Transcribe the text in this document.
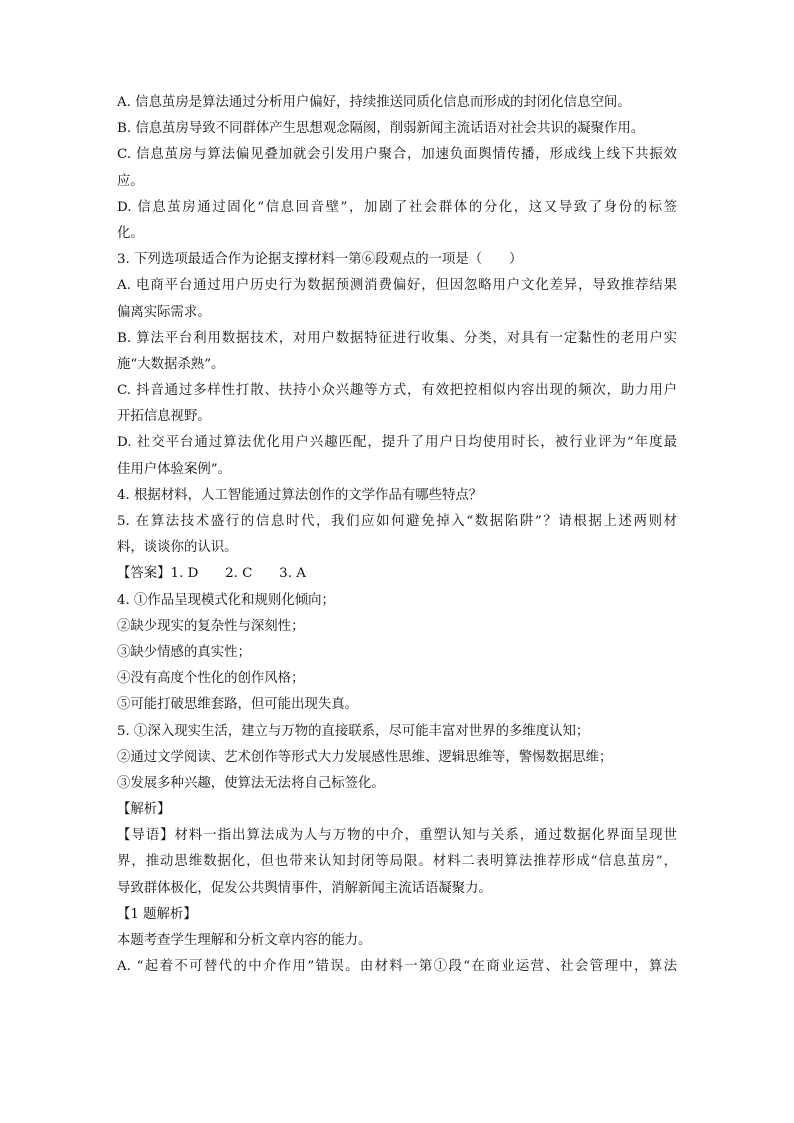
A. 信息茧房是算法通过分析用户偏好，持续推送同质化信息而形成的封闭化信息空间。
B. 信息茧房导致不同群体产生思想观念隔阂，削弱新闻主流话语对社会共识的凝聚作用。
C. 信息茧房与算法偏见叠加就会引发用户聚合，加速负面舆情传播，形成线上线下共振效
应。
D. 信息茧房通过固化“信息回音壁”，加剧了社会群体的分化，这又导致了身份的标签
化。
3. 下列选项最适合作为论据支撑材料一第⑥段观点的一项是（　　）
A. 电商平台通过用户历史行为数据预测消费偏好，但因忽略用户文化差异，导致推荐结果
偏离实际需求。
B. 算法平台利用数据技术，对用户数据特征进行收集、分类，对具有一定黏性的老用户实
施“大数据杀熟”。
C. 抖音通过多样性打散、扶持小众兴趣等方式，有效把控相似内容出现的频次，助力用户
开拓信息视野。
D. 社交平台通过算法优化用户兴趣匹配，提升了用户日均使用时长，被行业评为“年度最
佳用户体验案例”。
4. 根据材料，人工智能通过算法创作的文学作品有哪些特点？
5. 在算法技术盛行的信息时代，我们应如何避免掉入“数据陷阱”？请根据上述两则材
料，谈谈你的认识。
【答案】1. D　　2. C　　3. A
4. ①作品呈现模式化和规则化倾向；
②缺少现实的复杂性与深刻性；
③缺少情感的真实性；
④没有高度个性化的创作风格；
⑤可能打破思维套路，但可能出现失真。
5. ①深入现实生活，建立与万物的直接联系，尽可能丰富对世界的多维度认知；
②通过文学阅读、艺术创作等形式大力发展感性思维、逻辑思维等，警惕数据思维；
③发展多种兴趣，使算法无法将自己标签化。
【解析】
【导语】材料一指出算法成为人与万物的中介，重塑认知与关系，通过数据化界面呈现世
界，推动思维数据化，但也带来认知封闭等局限。材料二表明算法推荐形成“信息茧房”，
导致群体极化，促发公共舆情事件，消解新闻主流话语凝聚力。
【1 题解析】
本题考查学生理解和分析文章内容的能力。
A. “起着不可替代的中介作用”错误。由材料一第①段“在商业运营、社会管理中，算法
